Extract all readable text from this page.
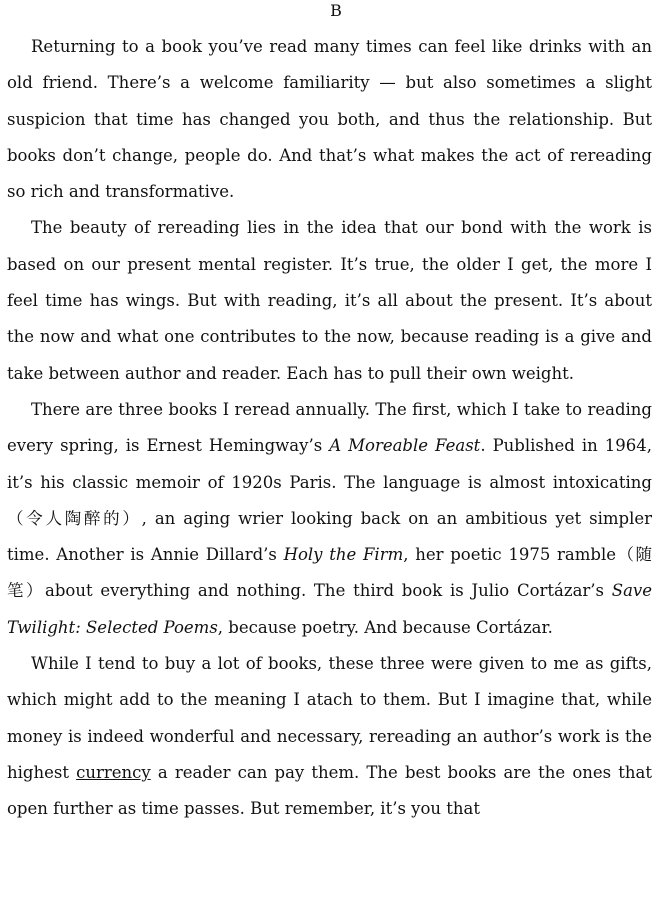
B

Returning to a book you’ve read many times can feel like drinks with an old friend. There’s a welcome familiarity — but also sometimes a slight suspicion that time has changed you both, and thus the relationship. But books don’t change, people do. And that’s what makes the act of rereading so rich and transformative.

The beauty of rereading lies in the idea that our bond with the work is based on our present mental register. It’s true, the older I get, the more I feel time has wings. But with reading, it’s all about the present. It’s about the now and what one contributes to the now, because reading is a give and take between author and reader. Each has to pull their own weight.

There are three books I reread annually. The first, which I take to reading every spring, is Ernest Hemingway’s A Moreable Feast. Published in 1964, it’s his classic memoir of 1920s Paris. The language is almost intoxicating（令人陶醉的）, an aging wrier looking back on an ambitious yet simpler time. Another is Annie Dillard’s Holy the Firm, her poetic 1975 ramble（随笔）about everything and nothing. The third book is Julio Cortázar’s Save Twilight: Selected Poems, because poetry. And because Cortázar.

While I tend to buy a lot of books, these three were given to me as gifts, which might add to the meaning I atach to them. But I imagine that, while money is indeed wonderful and necessary, rereading an author’s work is the highest currency a reader can pay them. The best books are the ones that open further as time passes. But remember, it’s you that
